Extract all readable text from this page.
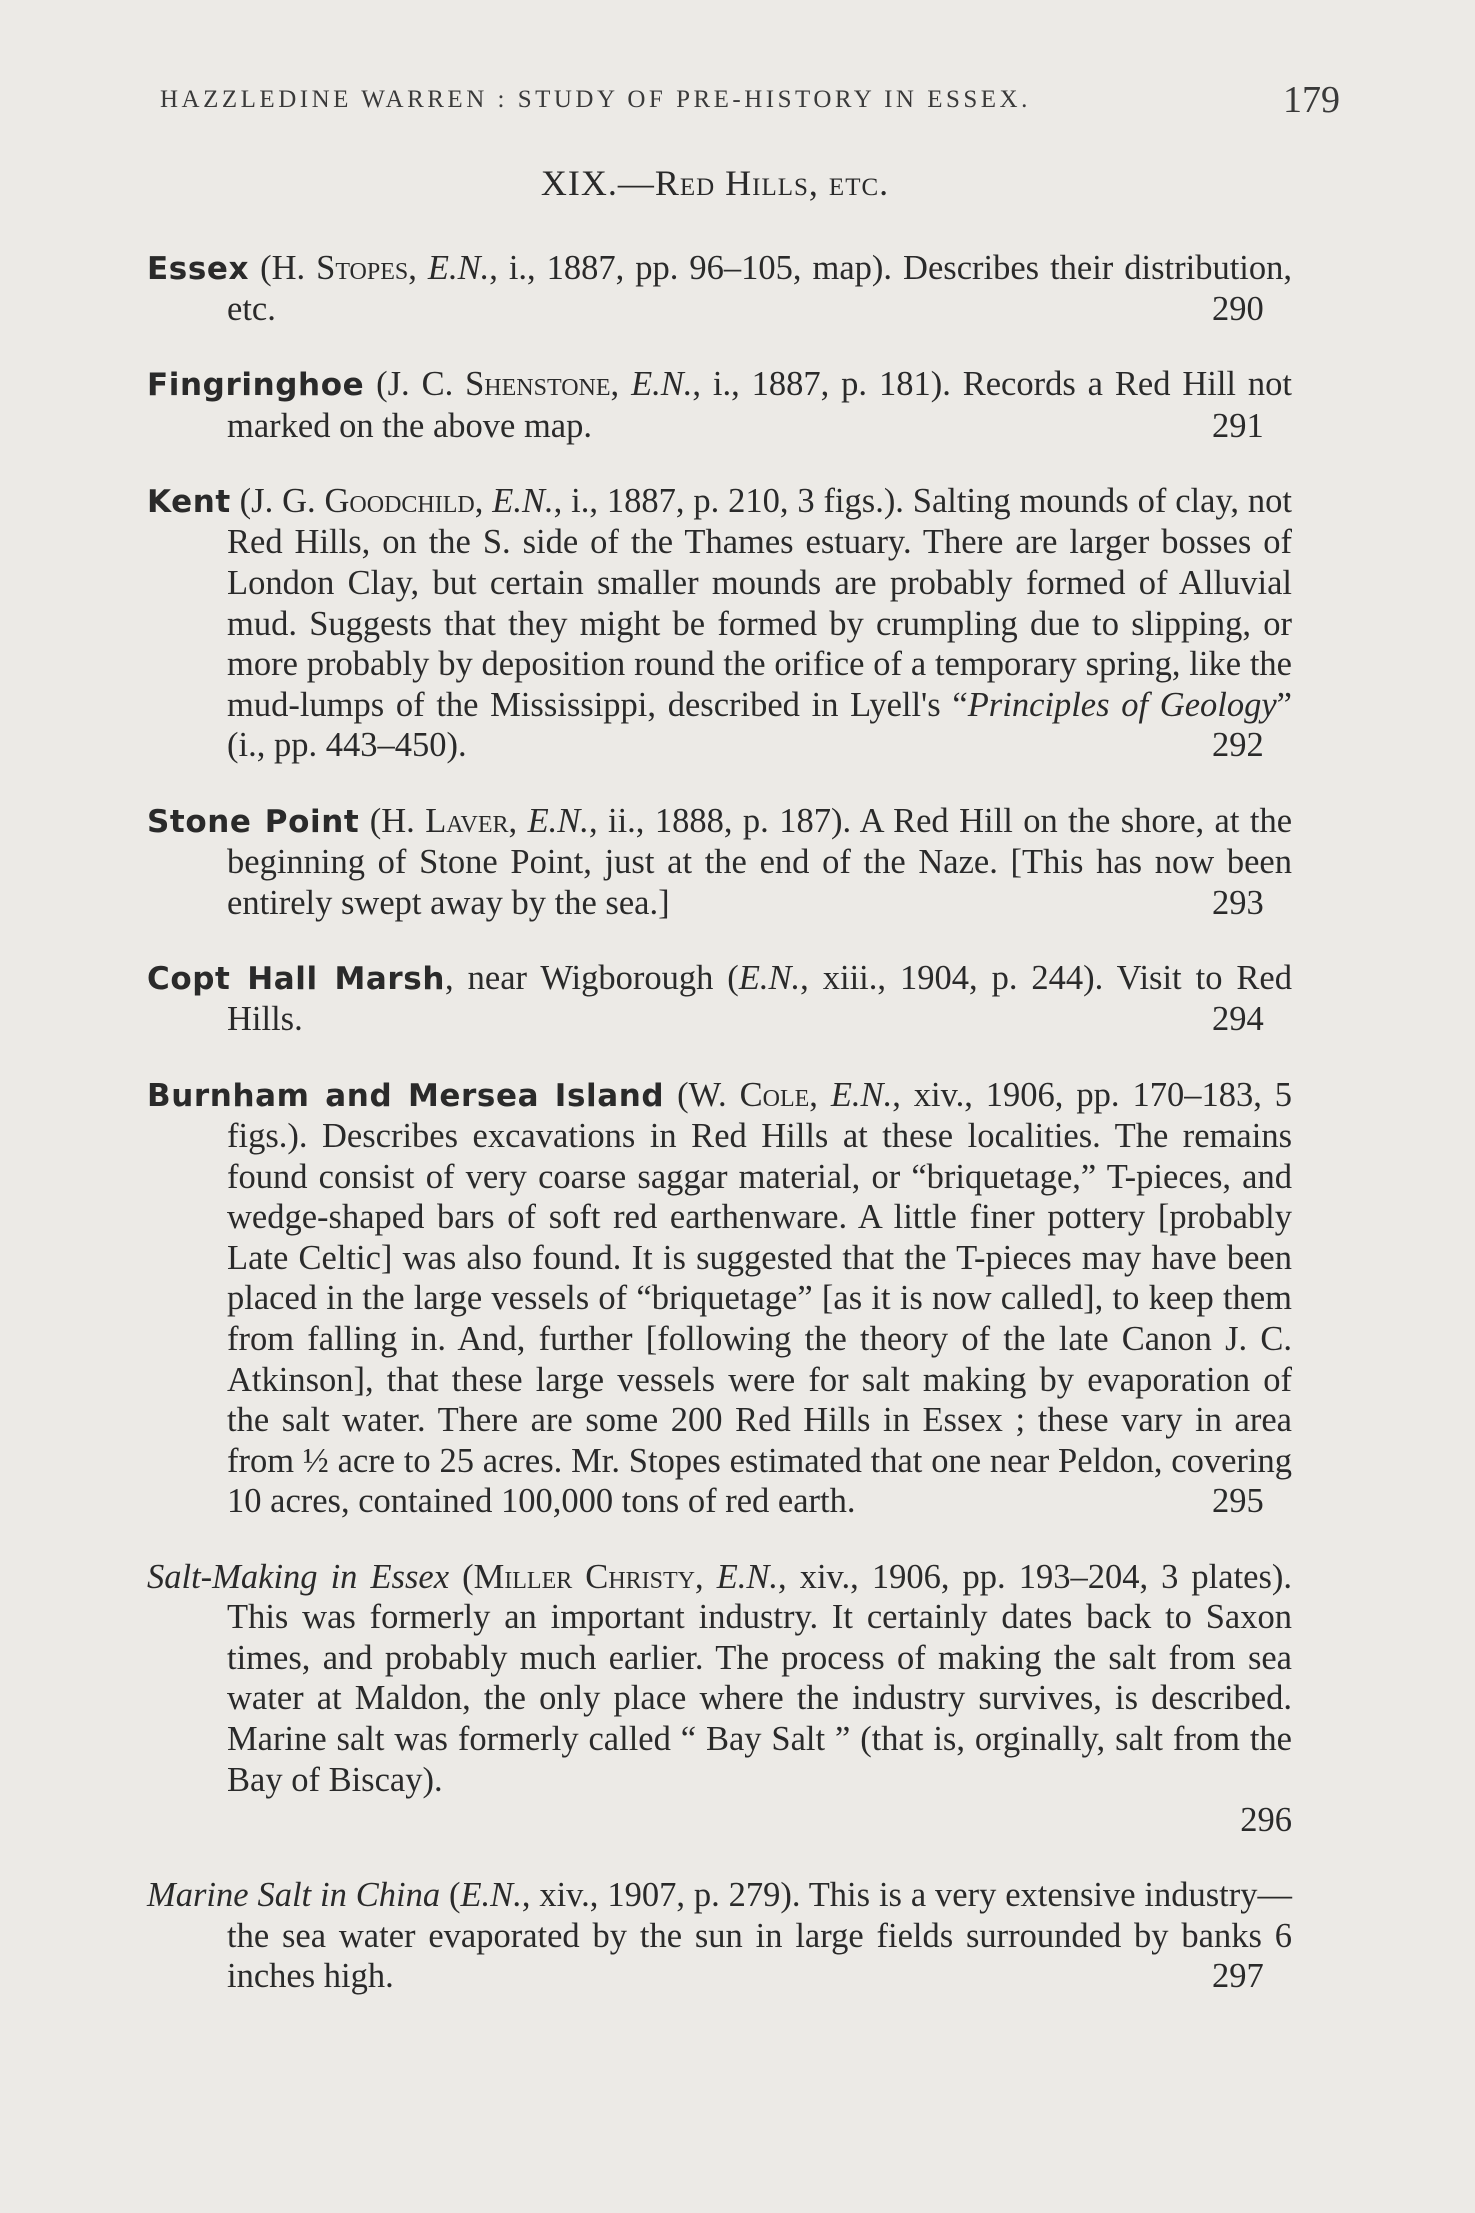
HAZZLEDINE WARREN : STUDY OF PRE-HISTORY IN ESSEX.	179
XIX.—Red Hills, etc.

Essex (H. Stopes, E.N., i., 1887, pp. 96–105, map). Describes their distribution, etc.	290

Fingringhoe (J. C. Shenstone, E.N., i., 1887, p. 181). Records a Red Hill not marked on the above map.	291

Kent (J. G. Goodchild, E.N., i., 1887, p. 210, 3 figs.). Salting mounds of clay, not Red Hills, on the S. side of the Thames estuary. There are larger bosses of London Clay, but certain smaller mounds are probably formed of Alluvial mud. Suggests that they might be formed by crumpling due to slipping, or more probably by deposition round the orifice of a temporary spring, like the mud-lumps of the Mississippi, described in Lyell's “Principles of Geology” (i., pp. 443–450).	292

Stone Point (H. Laver, E.N., ii., 1888, p. 187). A Red Hill on the shore, at the beginning of Stone Point, just at the end of the Naze. [This has now been entirely swept away by the sea.]	293

Copt Hall Marsh, near Wigborough (E.N., xiii., 1904, p. 244). Visit to Red Hills.	294

Burnham and Mersea Island (W. Cole, E.N., xiv., 1906, pp. 170–183, 5 figs.). Describes excavations in Red Hills at these localities. The remains found consist of very coarse saggar material, or “briquetage,” T-pieces, and wedge-shaped bars of soft red earthenware. A little finer pottery [probably Late Celtic] was also found. It is suggested that the T-pieces may have been placed in the large vessels of “briquetage” [as it is now called], to keep them from falling in. And, further [following the theory of the late Canon J. C. Atkinson], that these large vessels were for salt making by evaporation of the salt water. There are some 200 Red Hills in Essex ; these vary in area from ½ acre to 25 acres. Mr. Stopes estimated that one near Peldon, covering 10 acres, contained 100,000 tons of red earth.	295

Salt-Making in Essex (Miller Christy, E.N., xiv., 1906, pp. 193–204, 3 plates). This was formerly an important industry. It certainly dates back to Saxon times, and probably much earlier. The process of making the salt from sea water at Maldon, the only place where the industry survives, is described. Marine salt was formerly called “ Bay Salt ” (that is, orginally, salt from the Bay of Biscay).
296

Marine Salt in China (E.N., xiv., 1907, p. 279). This is a very extensive industry—the sea water evaporated by the sun in large fields surrounded by banks 6 inches high.	297
